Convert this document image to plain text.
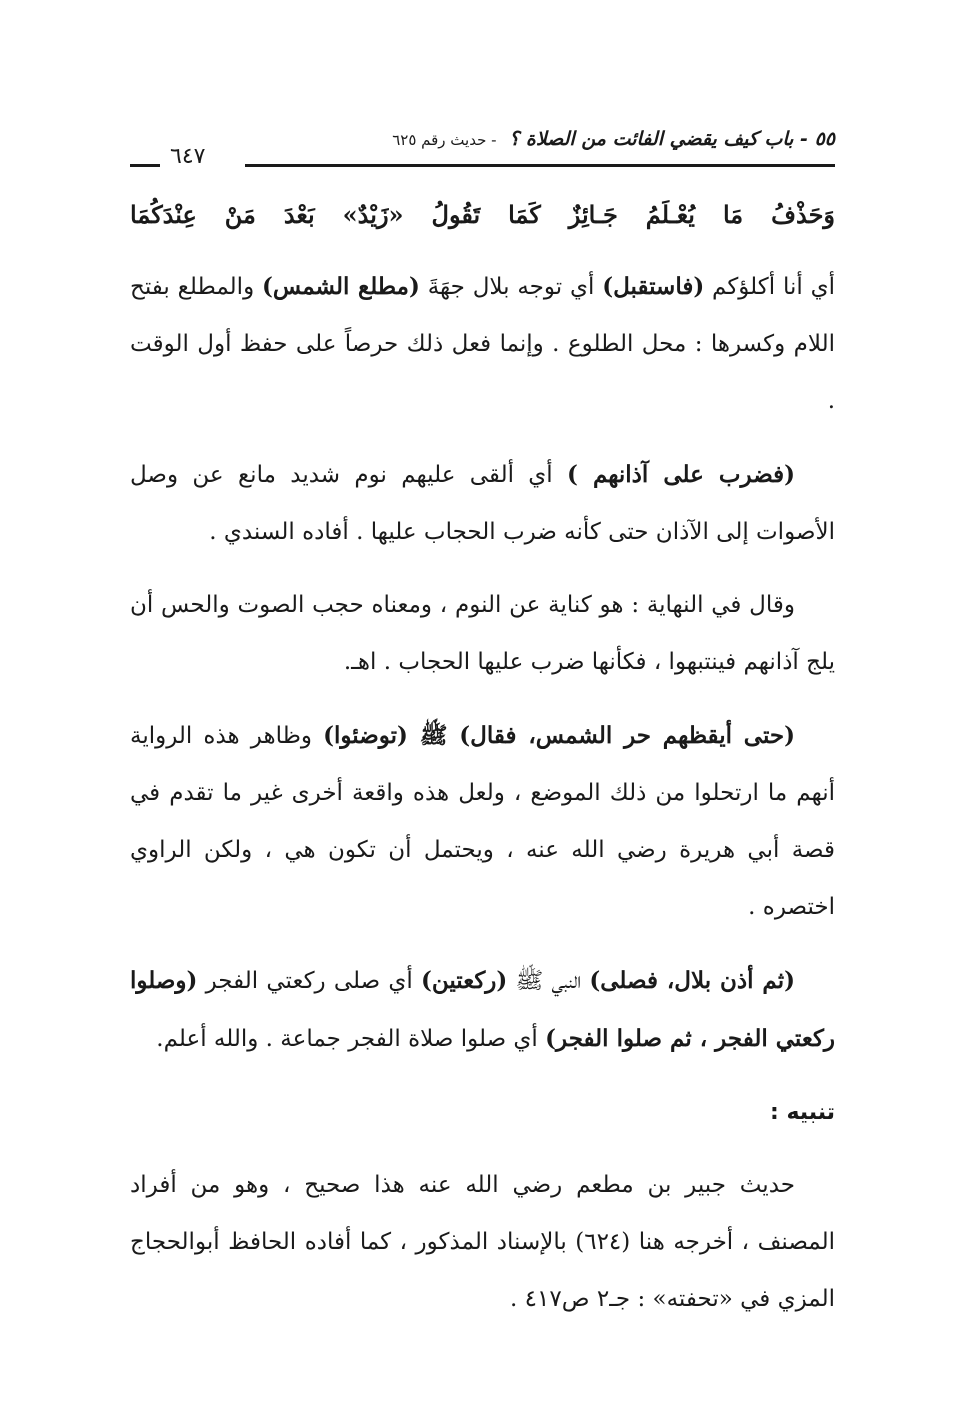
٥٥ - باب كيف يقضي الفائت من الصلاة ؟ - حديث رقم ٦٢٥
٦٤٧
وَحَذْفُ مَا يُعْـلَمُ جَـائِزٌ كَمَا تَقُولُ «زَيْدٌ» بَعْدَ مَنْ عِنْدَكُمَا

أي أنا أكلؤكم (فاستقبل) أي توجه بلال جهَةَ (مطلع الشمس) والمطلع بفتح اللام وكسرها : محل الطلوع . وإنما فعل ذلك حرصاً على حفظ أول الوقت .

(فضرب على آذانهم ) أي ألقى عليهم نوم شديد مانع عن وصل الأصوات إلى الآذان حتى كأنه ضرب الحجاب عليها . أفاده السندي .

وقال في النهاية : هو كناية عن النوم ، ومعناه حجب الصوت والحس أن يلج آذانهم فينتبهوا ، فكأنها ضرب عليها الحجاب . اهـ.

(حتى أيقظهم حر الشمس، فقال) ﷺ (توضئوا) وظاهر هذه الرواية أنهم ما ارتحلوا من ذلك الموضع ، ولعل هذه واقعة أخرى غير ما تقدم في قصة أبي هريرة رضي الله عنه ، ويحتمل أن تكون هي ، ولكن الراوي اختصره .

(ثم أذن بلال، فصلى) النبي ﷺ (ركعتين) أي صلى ركعتي الفجر (وصلوا ركعتي الفجر ، ثم صلوا الفجر) أي صلوا صلاة الفجر جماعة . والله أعلم.

تنبيه :

حديث جبير بن مطعم رضي الله عنه هذا صحيح ، وهو من أفراد المصنف ، أخرجه هنا (٦٢٤) بالإسناد المذكور ، كما أفاده الحافظ أبوالحجاج المزي في «تحفته» : جـ٢ ص٤١٧ .
